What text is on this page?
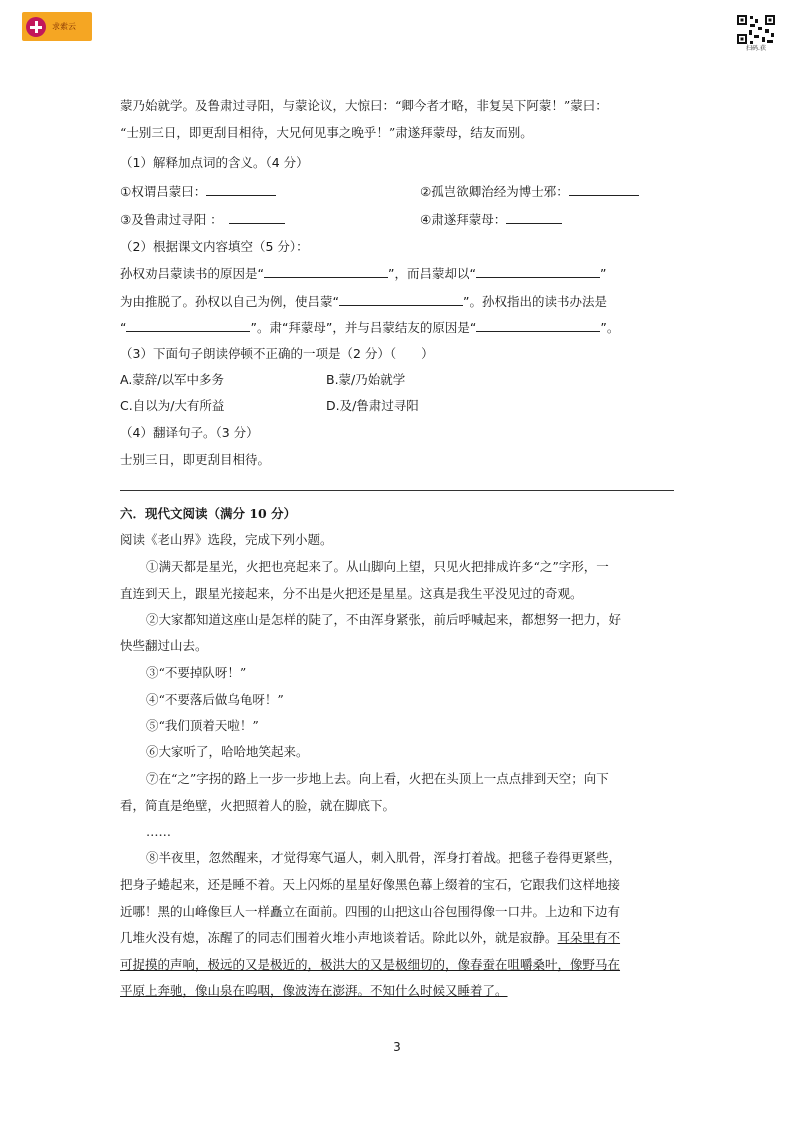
求索云
扫码.获
蒙乃始就学。及鲁肃过寻阳，与蒙论议，大惊曰：“卿今者才略，非复吴下阿蒙！”蒙曰：
“士别三日，即更刮目相待，大兄何见事之晚乎！”肃遂拜蒙母，结友而别。
（1）解释加点词的含义。（4 分）
①权谓吕蒙曰：	②孤岂欲卿治经为博士邪：
③及鲁肃过寻阳 ：	④肃遂拜蒙母：
（2）根据课文内容填空（5 分）：
孙权劝吕蒙读书的原因是“	”，而吕蒙却以“	”
为由推脱了。孙权以自己为例，使吕蒙“	”。孙权指出的读书办法是
“	”。肃“拜蒙母”，并与吕蒙结友的原因是“	”。
（3）下面句子朗读停顿不正确的一项是（2 分）（　　）
A.蒙辞/以军中多务	B.蒙/乃始就学
C.自以为/大有所益	D.及/鲁肃过寻阳
（4）翻译句子。（3 分）
士别三日，即更刮目相待。
六．现代文阅读（满分 10 分）
阅读《老山界》选段，完成下列小题。
①满天都是星光，火把也亮起来了。从山脚向上望，只见火把排成许多“之”字形，一
直连到天上，跟星光接起来，分不出是火把还是星星。这真是我生平没见过的奇观。
②大家都知道这座山是怎样的陡了，不由浑身紧张，前后呼喊起来，都想努一把力，好
快些翻过山去。
③“不要掉队呀！”
④“不要落后做乌龟呀！”
⑤“我们顶着天啦！”
⑥大家听了，哈哈地笑起来。
⑦在“之”字拐的路上一步一步地上去。向上看，火把在头顶上一点点排到天空；向下
看，简直是绝壁，火把照着人的脸，就在脚底下。
……
⑧半夜里，忽然醒来，才觉得寒气逼人，刺入肌骨，浑身打着战。把毯子卷得更紧些，
把身子蜷起来，还是睡不着。天上闪烁的星星好像黑色幕上缀着的宝石，它跟我们这样地接
近哪！黑的山峰像巨人一样矗立在面前。四围的山把这山谷包围得像一口井。上边和下边有
几堆火没有熄，冻醒了的同志们围着火堆小声地谈着话。除此以外，就是寂静。耳朵里有不
可捉摸的声响，极远的又是极近的，极洪大的又是极细切的，像春蚕在咀嚼桑叶，像野马在
平原上奔驰，像山泉在呜咽，像波涛在澎湃。不知什么时候又睡着了。
3
